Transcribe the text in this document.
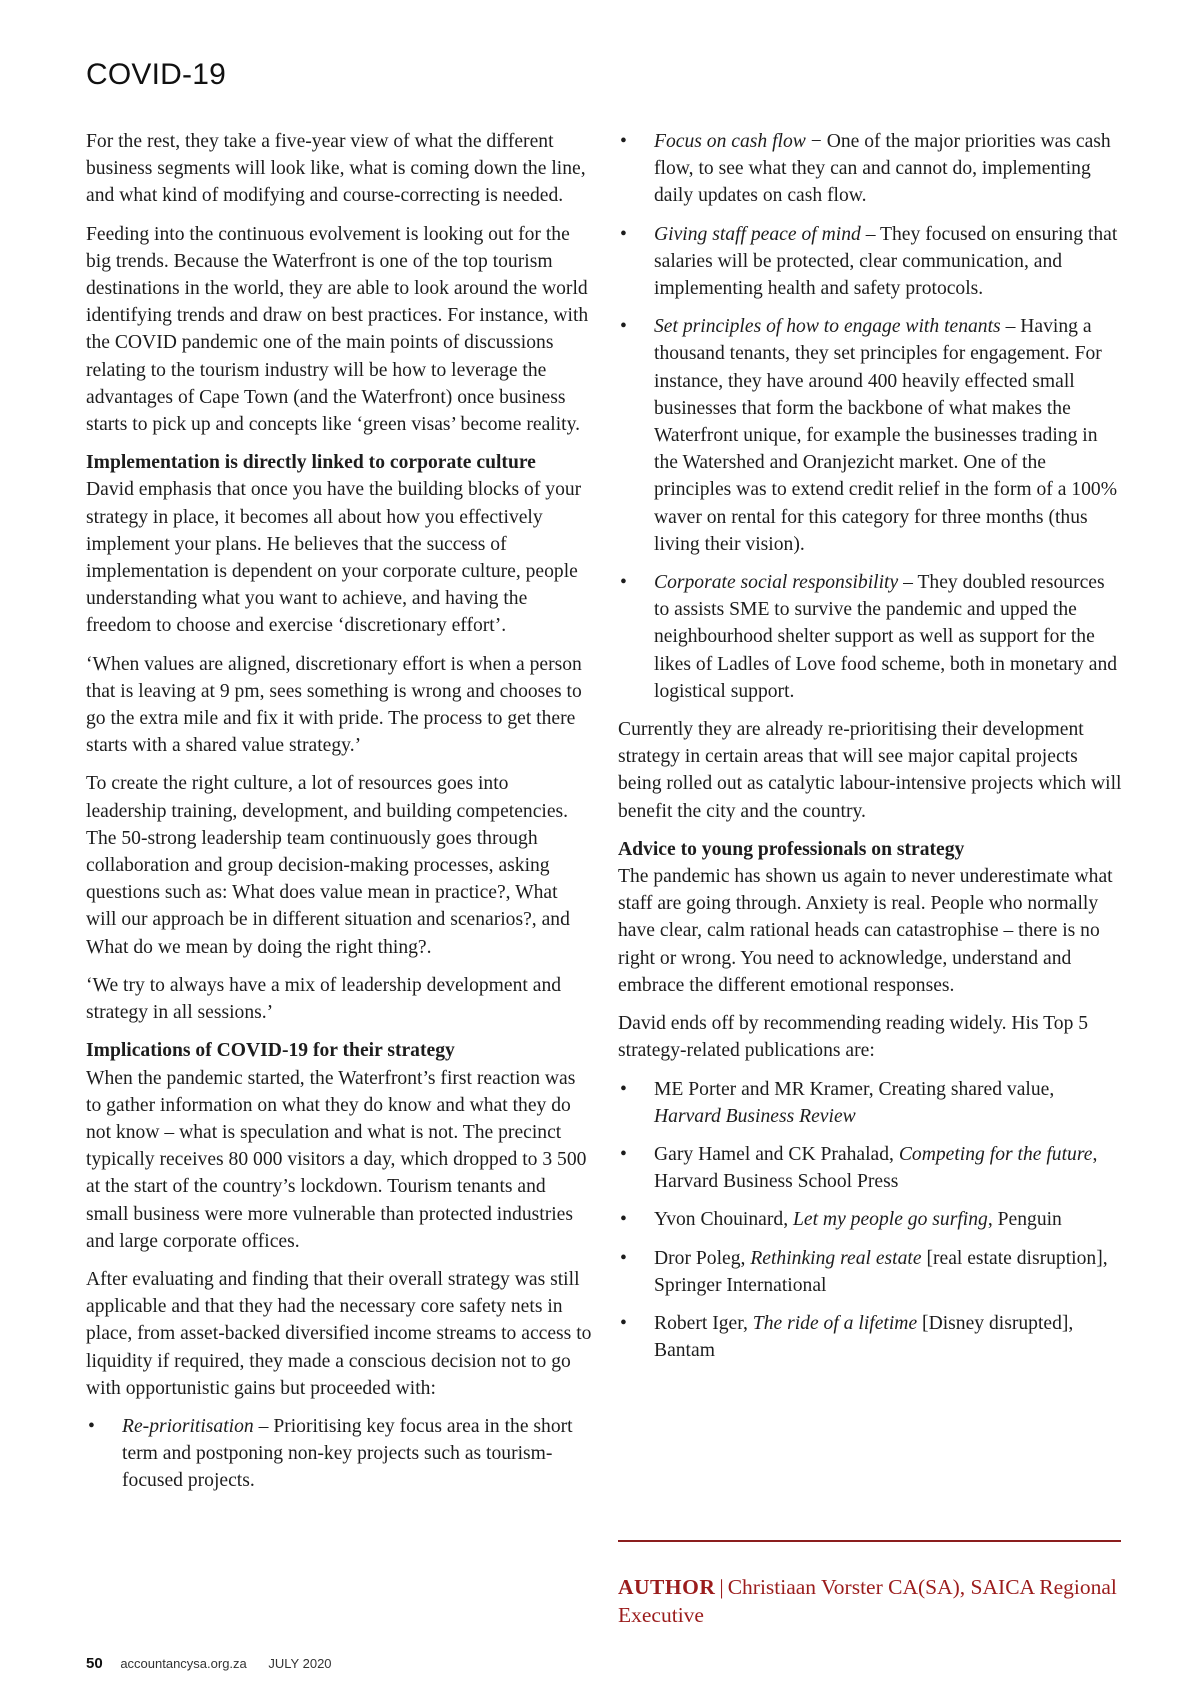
COVID-19

For the rest, they take a five-year view of what the different business segments will look like, what is coming down the line, and what kind of modifying and course-correcting is needed.

Feeding into the continuous evolvement is looking out for the big trends. Because the Waterfront is one of the top tourism destinations in the world, they are able to look around the world identifying trends and draw on best practices. For instance, with the COVID pandemic one of the main points of discussions relating to the tourism industry will be how to leverage the advantages of Cape Town (and the Waterfront) once business starts to pick up and concepts like ‘green visas’ become reality.

Implementation is directly linked to corporate culture

David emphasis that once you have the building blocks of your strategy in place, it becomes all about how you effectively implement your plans. He believes that the success of implementation is dependent on your corporate culture, people understanding what you want to achieve, and having the freedom to choose and exercise ‘discretionary effort’.

‘When values are aligned, discretionary effort is when a person that is leaving at 9 pm, sees something is wrong and chooses to go the extra mile and fix it with pride. The process to get there starts with a shared value strategy.’

To create the right culture, a lot of resources goes into leadership training, development, and building competencies. The 50-strong leadership team continuously goes through collaboration and group decision-making processes, asking questions such as: What does value mean in practice?, What will our approach be in different situation and scenarios?, and What do we mean by doing the right thing?.

‘We try to always have a mix of leadership development and strategy in all sessions.’

Implications of COVID-19 for their strategy

When the pandemic started, the Waterfront’s first reaction was to gather information on what they do know and what they do not know – what is speculation and what is not. The precinct typically receives 80 000 visitors a day, which dropped to 3 500 at the start of the country’s lockdown. Tourism tenants and small business were more vulnerable than protected industries and large corporate offices.

After evaluating and finding that their overall strategy was still applicable and that they had the necessary core safety nets in place, from asset-backed diversified income streams to access to liquidity if required, they made a conscious decision not to go with opportunistic gains but proceeded with:

• Re-prioritisation – Prioritising key focus area in the short term and postponing non-key projects such as tourism-focused projects.
• Focus on cash flow − One of the major priorities was cash flow, to see what they can and cannot do, implementing daily updates on cash flow.
• Giving staff peace of mind – They focused on ensuring that salaries will be protected, clear communication, and implementing health and safety protocols.
• Set principles of how to engage with tenants – Having a thousand tenants, they set principles for engagement. For instance, they have around 400 heavily effected small businesses that form the backbone of what makes the Waterfront unique, for example the businesses trading in the Watershed and Oranjezicht market. One of the principles was to extend credit relief in the form of a 100% waver on rental for this category for three months (thus living their vision).
• Corporate social responsibility – They doubled resources to assists SME to survive the pandemic and upped the neighbourhood shelter support as well as support for the likes of Ladles of Love food scheme, both in monetary and logistical support.

Currently they are already re-prioritising their development strategy in certain areas that will see major capital projects being rolled out as catalytic labour-intensive projects which will benefit the city and the country.

Advice to young professionals on strategy

The pandemic has shown us again to never underestimate what staff are going through. Anxiety is real. People who normally have clear, calm rational heads can catastrophise – there is no right or wrong. You need to acknowledge, understand and embrace the different emotional responses.

David ends off by recommending reading widely. His Top 5 strategy-related publications are:

• ME Porter and MR Kramer, Creating shared value, Harvard Business Review
• Gary Hamel and CK Prahalad, Competing for the future, Harvard Business School Press
• Yvon Chouinard, Let my people go surfing, Penguin
• Dror Poleg, Rethinking real estate [real estate disruption], Springer International
• Robert Iger, The ride of a lifetime [Disney disrupted], Bantam
AUTHOR | Christiaan Vorster CA(SA), SAICA Regional Executive
50 accountancysa.org.za JULY 2020
